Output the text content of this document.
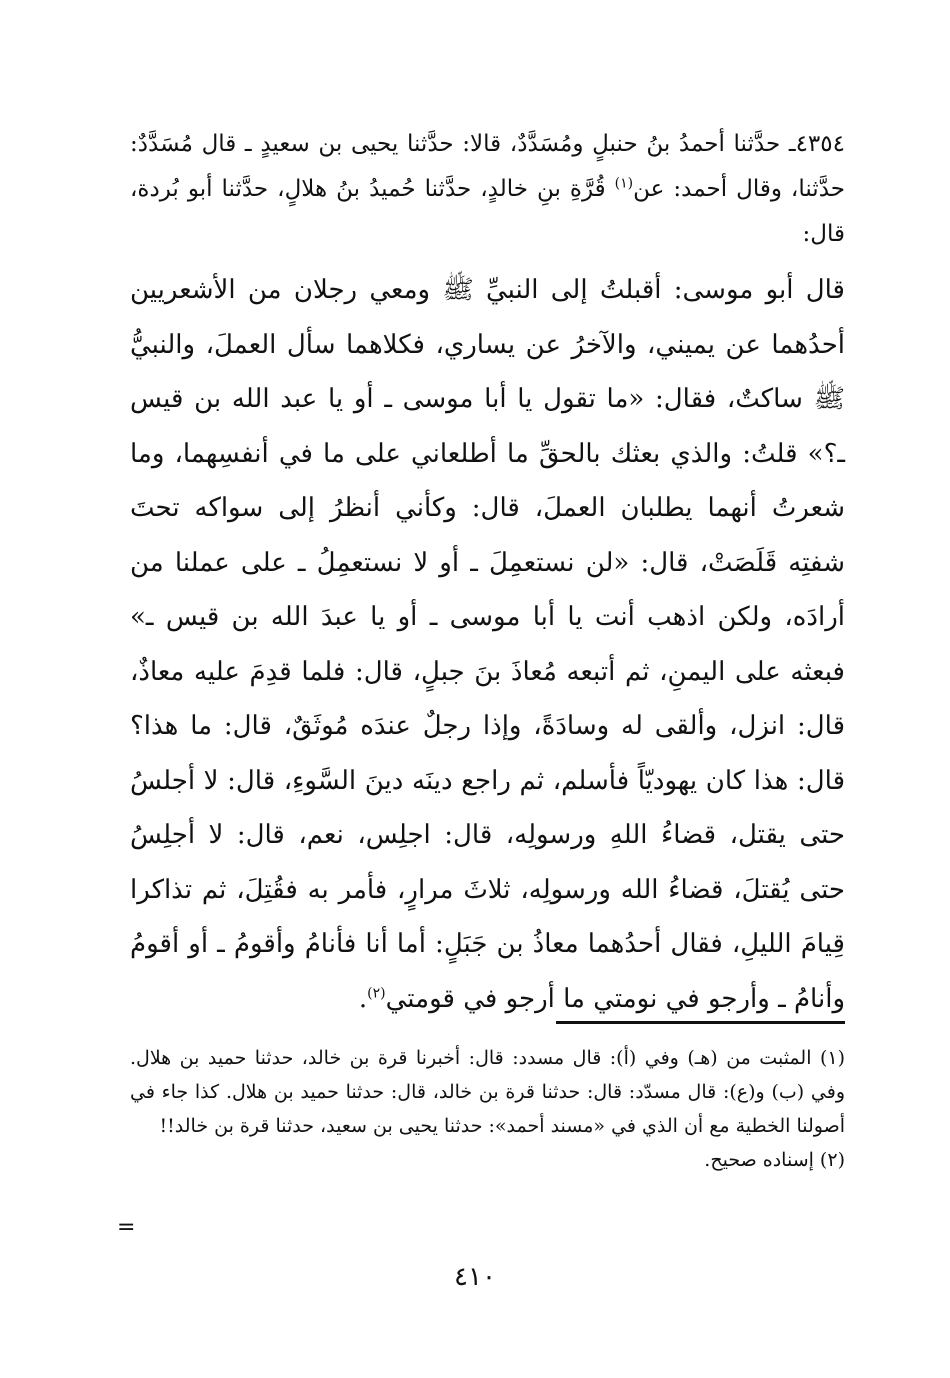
٤٣٥٤ـ حدَّثنا أحمدُ بنُ حنبلٍ ومُسَدَّدٌ، قالا: حدَّثنا يحيى بن سعيدٍ ـ قال مُسَدَّدٌ: حدَّثنا، وقال أحمد: عن$^{(١)}$ قُرَّةِ بنِ خالدٍ، حدَّثنا حُميدُ بنُ هلالٍ، حدَّثنا أبو بُردة، قال:

قال أبو موسى: أقبلتُ إلى النبيِّ ﷺ ومعي رجلان من الأشعريين أحدُهما عن يميني، والآخرُ عن يساري، فكلاهما سأل العملَ، والنبيُّ ﷺ ساكتٌ، فقال: «ما تقول يا أبا موسى ـ أو يا عبد الله بن قيس ـ؟» قلتُ: والذي بعثك بالحقِّ ما أطلعاني على ما في أنفسِهما، وما شعرتُ أنهما يطلبان العملَ، قال: وكأني أنظرُ إلى سواكه تحتَ شفتِه قَلَصَتْ، قال: «لن نستعمِلَ ـ أو لا نستعمِلُ ـ على عملنا من أرادَه، ولكن اذهب أنت يا أبا موسى ـ أو يا عبدَ الله بن قيس ـ» فبعثه على اليمنِ، ثم أتبعه مُعاذَ بنَ جبلٍ، قال: فلما قدِمَ عليه معاذٌ، قال: انزل، وألقى له وسادَةً، وإذا رجلٌ عندَه مُوثَقٌ، قال: ما هذا؟ قال: هذا كان يهوديّاً فأسلم، ثم راجع دينَه دينَ السَّوءِ، قال: لا أجلسُ حتى يقتل، قضاءُ اللهِ ورسولِه، قال: اجلِس، نعم، قال: لا أجلِسُ حتى يُقتلَ، قضاءُ الله ورسولِه، ثلاثَ مرارٍ، فأمر به فقُتِلَ، ثم تذاكرا قِيامَ الليلِ، فقال أحدُهما معاذُ بن جَبَلٍ: أما أنا فأنامُ وأقومُ ـ أو أقومُ وأنامُ ـ وأرجو في نومتي ما أرجو في قومتي$^{(٢)}$.

(١) المثبت من (هـ) وفي (أ): قال مسدد: قال: أخبرنا قرة بن خالد، حدثنا حميد بن هلال. وفي (ب) و(ع): قال مسدّد: قال: حدثنا قرة بن خالد، قال: حدثنا حميد بن هلال. كذا جاء في أصولنا الخطية مع أن الذي في «مسند أحمد»: حدثنا يحيى بن سعيد، حدثنا قرة بن خالد!!

(٢) إسناده صحيح.

=
٤١٠
